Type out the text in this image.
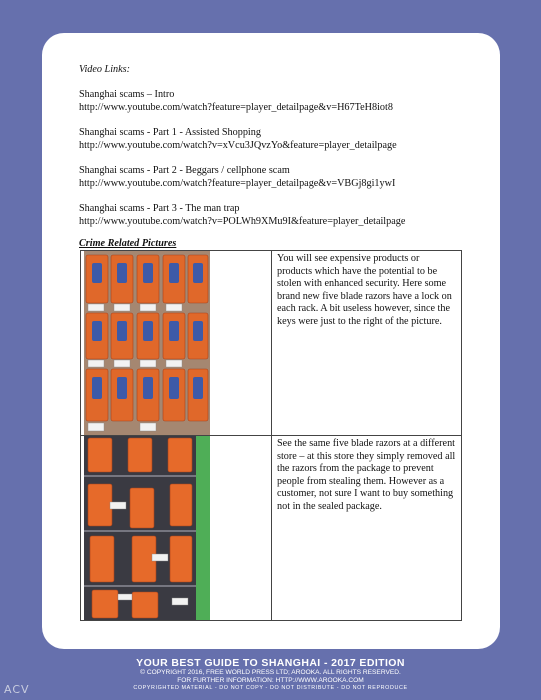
Video Links:
Shanghai scams – Intro
http://www.youtube.com/watch?feature=player_detailpage&v=H67TeH8iot8
Shanghai scams - Part 1 - Assisted Shopping
http://www.youtube.com/watch?v=xVcu3JQvzYo&feature=player_detailpage
Shanghai scams - Part 2 - Beggars / cellphone scam
http://www.youtube.com/watch?feature=player_detailpage&v=VBGj8gi1ywI
Shanghai scams - Part 3 - The man trap
http://www.youtube.com/watch?v=POLWh9XMu9I&feature=player_detailpage
Crime Related Pictures
	You will see expensive products or products which have the potential to be stolen with enhanced security. Here some brand new five blade razors have a lock on each rack. A bit useless however, since the keys were just to the right of the picture.

	See the same five blade razors at a different store – at this store they simply removed all the razors from the package to prevent people from stealing them. However as a customer, not sure I want to buy something not in the sealed package.
YOUR BEST GUIDE TO SHANGHAI - 2017 EDITION
© COPYRIGHT 2016, FREE WORLD PRESS LTD; AROOKA. ALL RIGHTS RESERVED.
FOR FURTHER INFORMATION: HTTP://WWW.AROOKA.COM
COPYRIGHTED MATERIAL - DO NOT COPY - DO NOT DISTRIBUTE - DO NOT REPRODUCE
ACV
